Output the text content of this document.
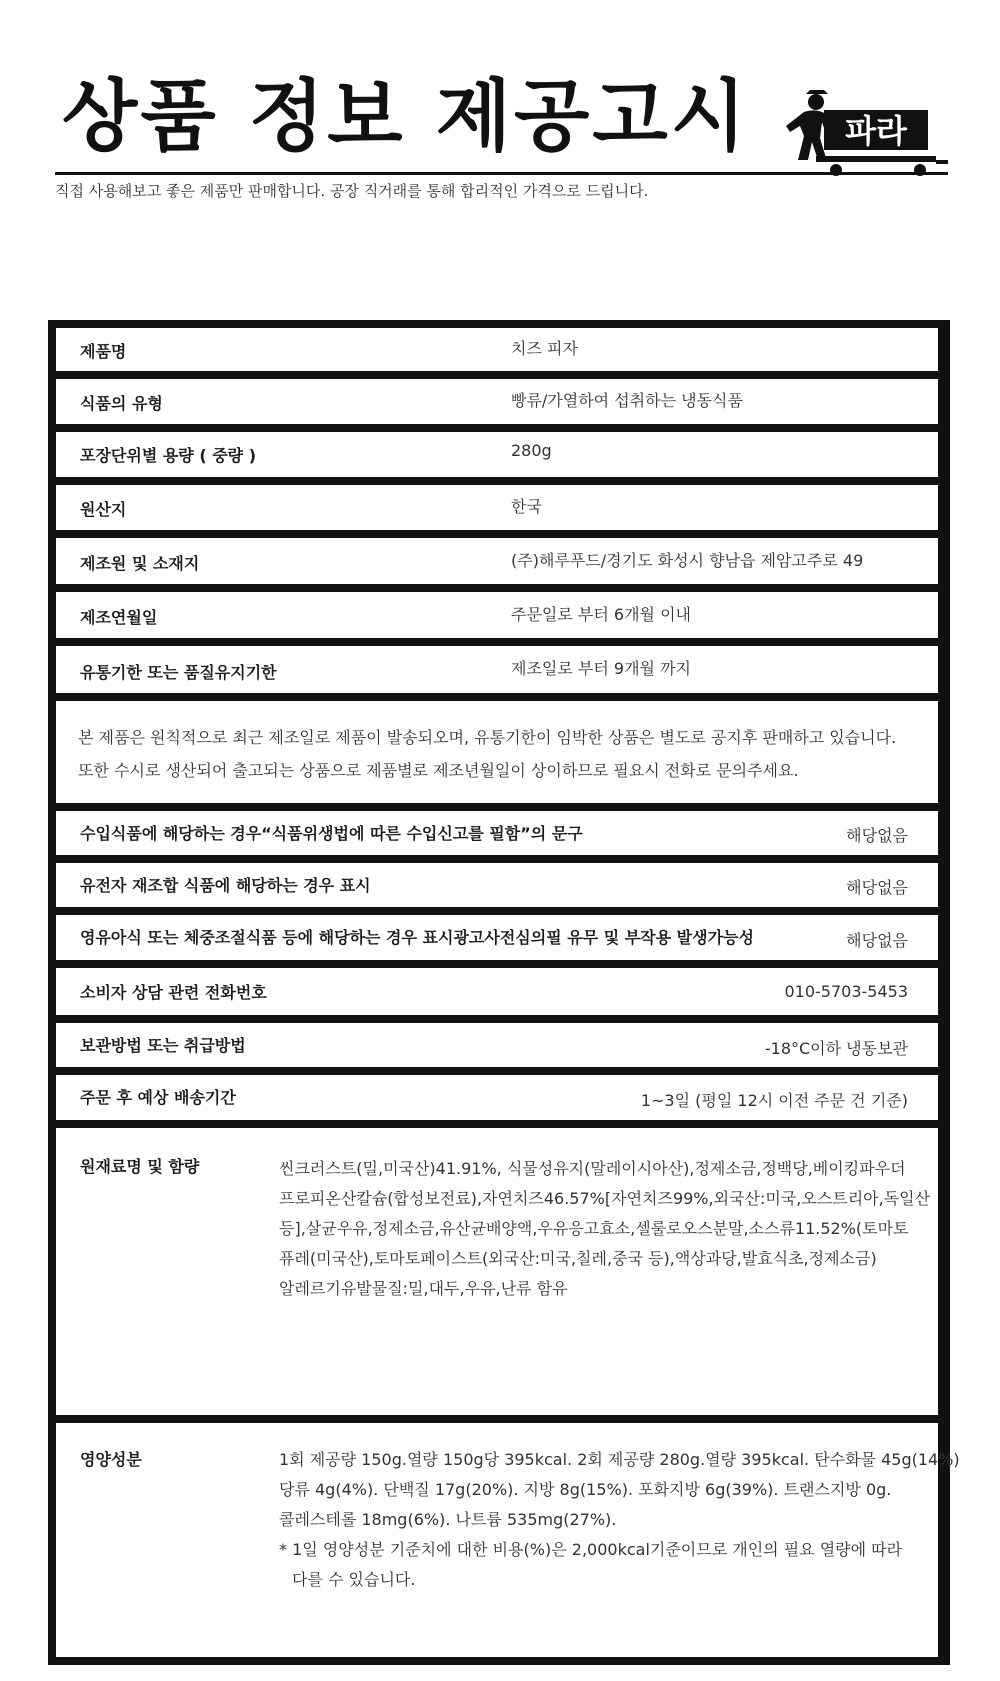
상품 정보 제공고시
직접 사용해보고 좋은 제품만 판매합니다. 공장 직거래를 통해 합리적인 가격으로 드립니다.
파라
제품명	치즈 피자
식품의 유형	빵류/가열하여 섭취하는 냉동식품
포장단위별 용량 ( 중량 )	280g
원산지	한국
제조원 및 소재지	(주)해루푸드/경기도 화성시 향남읍 제암고주로 49
제조연월일	주문일로 부터 6개월 이내
유통기한 또는 품질유지기한	제조일로 부터 9개월 까지

본 제품은 원칙적으로 최근 제조일로 제품이 발송되오며, 유통기한이 임박한 상품은 별도로 공지후 판매하고 있습니다.

또한 수시로 생산되어 출고되는 상품으로 제품별로 제조년월일이 상이하므로 필요시 전화로 문의주세요.

수입식품에 해당하는 경우“식품위생법에 따른 수입신고를 필함”의 문구	해당없음
유전자 재조합 식품에 해당하는 경우 표시	해당없음
영유아식 또는 체중조절식품 등에 해당하는 경우 표시광고사전심의필 유무 및 부작용 발생가능성	해당없음
소비자 상담 관련 전화번호	010-5703-5453
보관방법 또는 취급방법	-18°C이하 냉동보관
주문 후 예상 배송기간	1~3일 (평일 12시 이전 주문 건 기준)
원재료명 및 함량	씬크러스트(밀,미국산)41.91%, 식물성유지(말레이시아산),정제소금,정백당,베이킹파우더

프로피온산칼슘(합성보전료),자연치즈46.57%[자연치즈99%,외국산:미국,오스트리아,독일산

등],살균우유,정제소금,유산균배양액,우유응고효소,셀룰로오스분말,소스류11.52%(토마토

퓨레(미국산),토마토페이스트(외국산:미국,칠레,중국 등),액상과당,발효식초,정제소금)

알레르기유발물질:밀,대두,우유,난류 함유

영양성분	1회 제공량 150g.열량 150g당 395kcal. 2회 제공량 280g.열량 395kcal. 탄수화물 45g(14%)

당류 4g(4%). 단백질 17g(20%). 지방 8g(15%). 포화지방 6g(39%). 트랜스지방 0g.

콜레스테롤 18mg(6%). 나트륨 535mg(27%).

* 1일 영양성분 기준치에 대한 비용(%)은 2,000kcal기준이므로 개인의 필요 열량에 따라

다를 수 있습니다.
